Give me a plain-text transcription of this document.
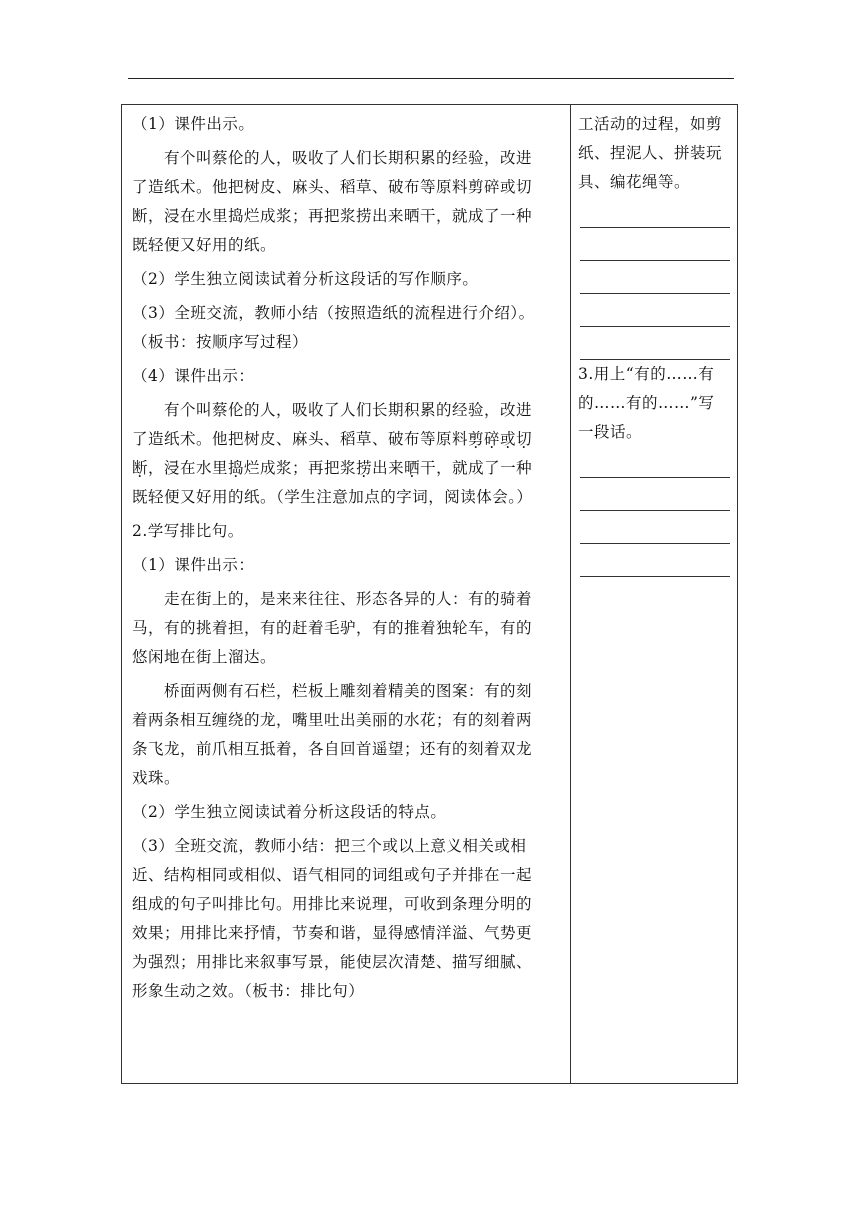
（1）课件出示。

有个叫蔡伦的人，吸收了人们长期积累的经验，改进

了造纸术。他把树皮、麻头、稻草、破布等原料剪碎或切

断，浸在水里捣烂成浆；再把浆捞出来晒干，就成了一种

既轻便又好用的纸。

（2）学生独立阅读试着分析这段话的写作顺序。

（3）全班交流，教师小结（按照造纸的流程进行介绍）。

（板书：按顺序写过程）

（4）课件出示：

有个叫蔡伦的人，吸收了人们长期积累的经验，改进

了造纸术。他把树皮、麻头、稻草、破布等原料剪碎或切

断，浸在水里捣烂成浆；再把浆捞出来晒干，就成了一种

既轻便又好用的纸。（学生注意加点的字词，阅读体会。）

2.学写排比句。

（1）课件出示：

走在街上的，是来来往往、形态各异的人：有的骑着

马，有的挑着担，有的赶着毛驴，有的推着独轮车，有的

悠闲地在街上溜达。

桥面两侧有石栏，栏板上雕刻着精美的图案：有的刻

着两条相互缠绕的龙，嘴里吐出美丽的水花；有的刻着两

条飞龙，前爪相互抵着，各自回首遥望；还有的刻着双龙

戏珠。

（2）学生独立阅读试着分析这段话的特点。

（3）全班交流，教师小结：把三个或以上意义相关或相

近、结构相同或相似、语气相同的词组或句子并排在一起

组成的句子叫排比句。用排比来说理，可收到条理分明的

效果；用排比来抒情，节奏和谐，显得感情洋溢、气势更

为强烈；用排比来叙事写景，能使层次清楚、描写细腻、

形象生动之效。（板书：排比句）

工活动的过程，如剪

纸、捏泥人、拼装玩

具、编花绳等。

3.用上“有的……有

的……有的……”写

一段话。
